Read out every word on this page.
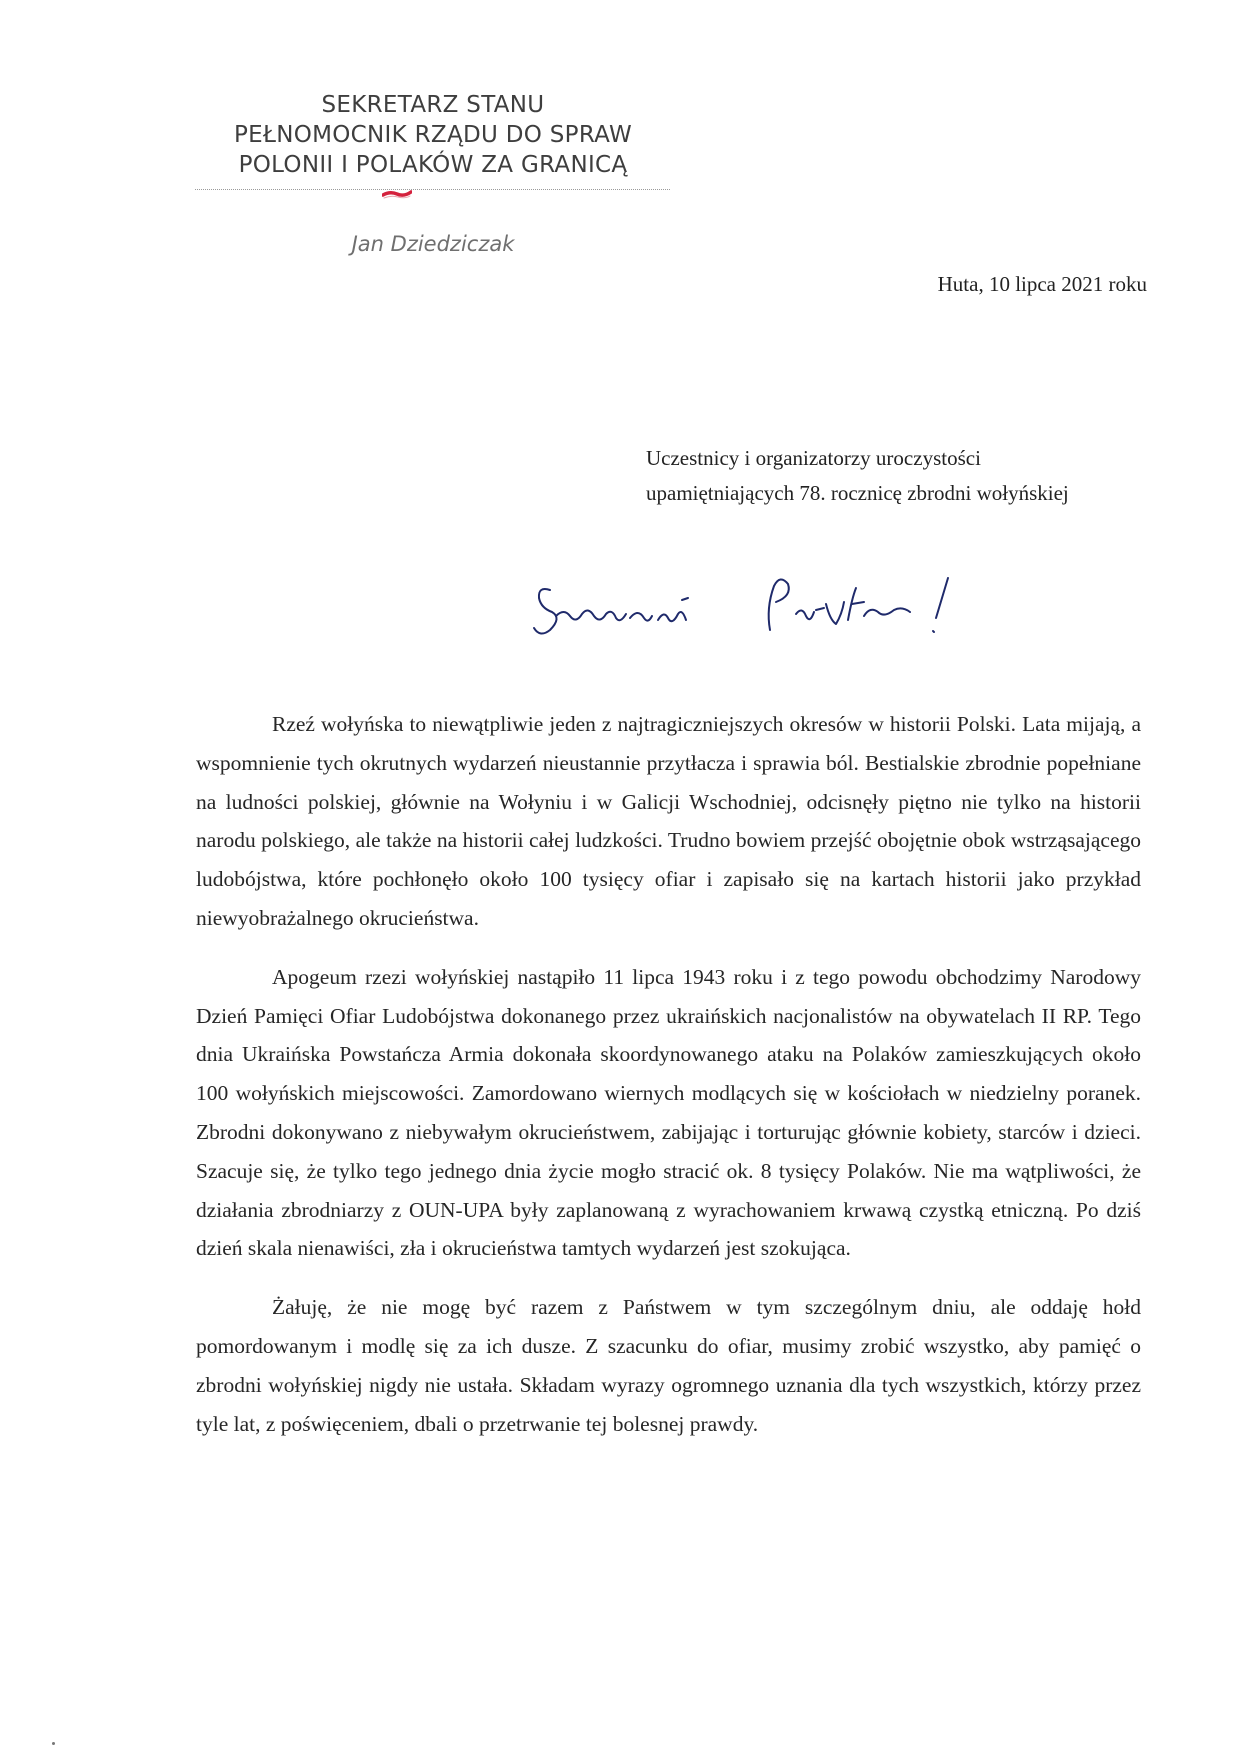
SEKRETARZ STANU
PEŁNOMOCNIK RZĄDU DO SPRAW
POLONII I POLAKÓW ZA GRANICĄ
Jan Dziedziczak
Huta, 10 lipca 2021 roku
Uczestnicy i organizatorzy uroczystości
upamiętniających 78. rocznicę zbrodni wołyńskiej

Rzeź wołyńska to niewątpliwie jeden z najtragiczniejszych okresów w historii Polski. Lata mijają, a wspomnienie tych okrutnych wydarzeń nieustannie przytłacza i sprawia ból. Bestialskie zbrodnie popełniane na ludności polskiej, głównie na Wołyniu i w Galicji Wschodniej, odcisnęły piętno nie tylko na historii narodu polskiego, ale także na historii całej ludzkości. Trudno bowiem przejść obojętnie obok wstrząsającego ludobójstwa, które pochłonęło około 100 tysięcy ofiar i zapisało się na kartach historii jako przykład niewyobrażalnego okrucieństwa.

Apogeum rzezi wołyńskiej nastąpiło 11 lipca 1943 roku i z tego powodu obchodzimy Narodowy Dzień Pamięci Ofiar Ludobójstwa dokonanego przez ukraińskich nacjonalistów na obywatelach II RP. Tego dnia Ukraińska Powstańcza Armia dokonała skoordynowanego ataku na Polaków zamieszkujących około 100 wołyńskich miejscowości. Zamordowano wiernych modlących się w kościołach w niedzielny poranek. Zbrodni dokonywano z niebywałym okrucieństwem, zabijając i torturując głównie kobiety, starców i dzieci. Szacuje się, że tylko tego jednego dnia życie mogło stracić ok. 8 tysięcy Polaków. Nie ma wątpliwości, że działania zbrodniarzy z OUN-UPA były zaplanowaną z wyrachowaniem krwawą czystką etniczną. Po dziś dzień skala nienawiści, zła i okrucieństwa tamtych wydarzeń jest szokująca.

Żałuję, że nie mogę być razem z Państwem w tym szczególnym dniu, ale oddaję hołd pomordowanym i modlę się za ich dusze. Z szacunku do ofiar, musimy zrobić wszystko, aby pamięć o zbrodni wołyńskiej nigdy nie ustała. Składam wyrazy ogromnego uznania dla tych wszystkich, którzy przez tyle lat, z poświęceniem, dbali o przetrwanie tej bolesnej prawdy.
